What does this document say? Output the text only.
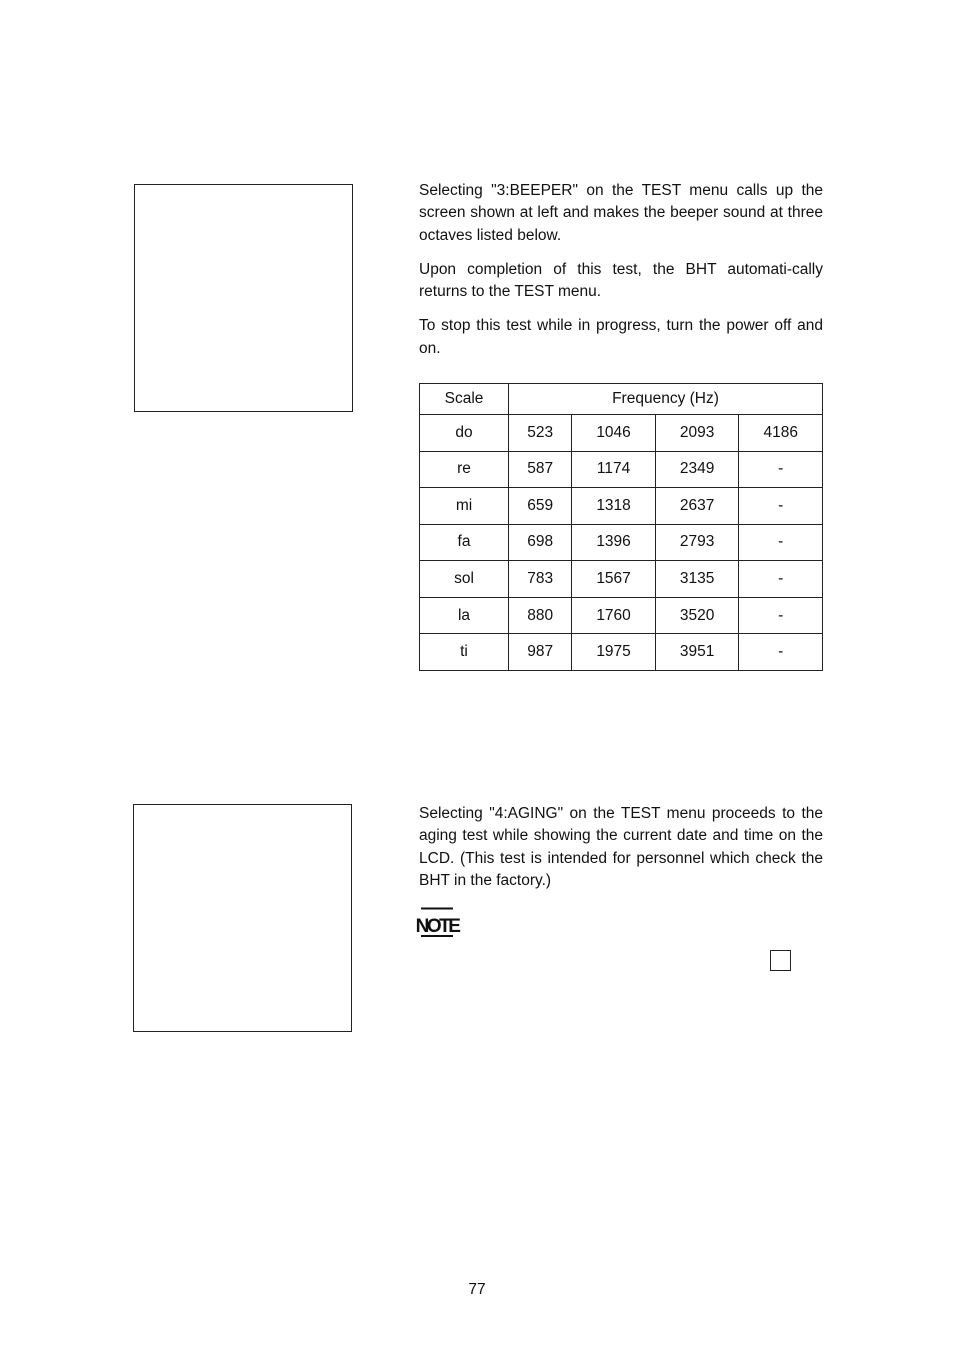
Selecting "3:BEEPER" on the TEST menu calls up the screen shown at left and makes the beeper sound at three octaves listed below.

Upon completion of this test, the BHT automati-cally returns to the TEST menu.

To stop this test while in progress, turn the power off and on.

Scale	Frequency (Hz)			
do	523	1046	2093	4186
re	587	1174	2349	-
mi	659	1318	2637	-
fa	698	1396	2793	-
sol	783	1567	3135	-
la	880	1760	3520	-
ti	987	1975	3951	-

Selecting "4:AGING" on the TEST menu proceeds to the aging test while showing the current date and time on the LCD. (This test is intended for personnel which check the BHT in the factory.)

NOTE
77
